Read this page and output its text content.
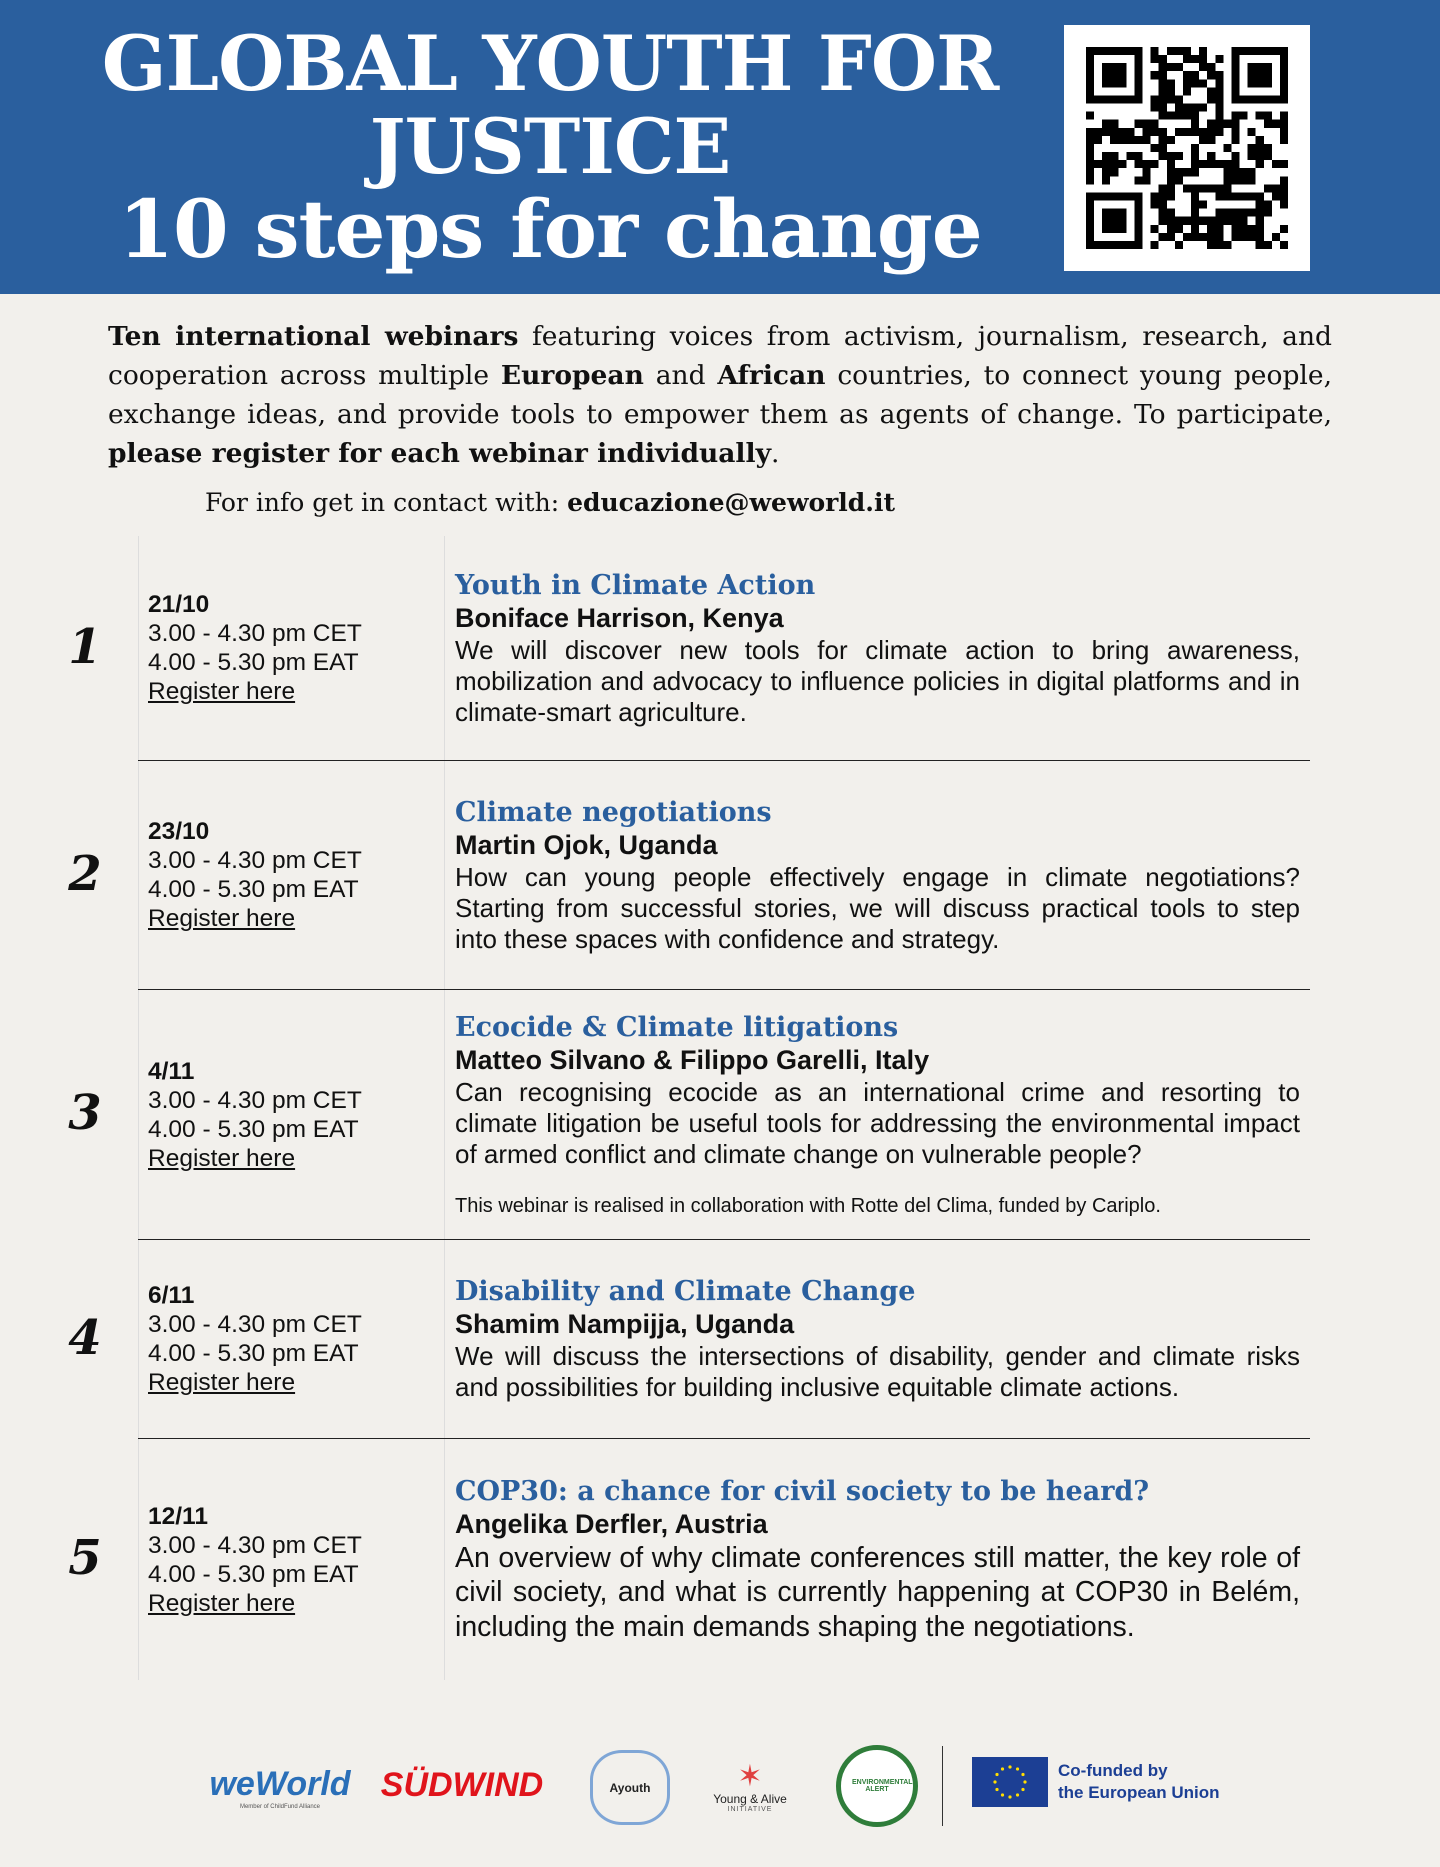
GLOBAL YOUTH FOR
JUSTICE
10 steps for change
Ten international webinars featuring voices from activism, journalism, research, and cooperation across multiple European and African countries, to connect young people, exchange ideas, and provide tools to empower them as agents of change. To participate, please register for each webinar individually.
For info get in contact with: educazione@weworld.it
1
21/10
3.00 - 4.30 pm CET
4.00 - 5.30 pm EAT
Register here
Youth in Climate Action
Boniface Harrison, Kenya
We will discover new tools for climate action to bring awareness, mobilization and advocacy to influence policies in digital platforms and in climate-smart agriculture.
2
23/10
3.00 - 4.30 pm CET
4.00 - 5.30 pm EAT
Register here
Climate negotiations
Martin Ojok, Uganda
How can young people effectively engage in climate negotiations? Starting from successful stories, we will discuss practical tools to step into these spaces with confidence and strategy.
3
4/11
3.00 - 4.30 pm CET
4.00 - 5.30 pm EAT
Register here
Ecocide & Climate litigations
Matteo Silvano & Filippo Garelli, Italy
Can recognising ecocide as an international crime and resorting to climate litigation be useful tools for addressing the environmental impact of armed conflict and climate change on vulnerable people?
This webinar is realised in collaboration with Rotte del Clima, funded by Cariplo.
4
6/11
3.00 - 4.30 pm CET
4.00 - 5.30 pm EAT
Register here
Disability and Climate Change
Shamim Nampijja, Uganda
We will discuss the intersections of disability, gender and climate risks and possibilities for building inclusive equitable climate actions.
5
12/11
3.00 - 4.30 pm CET
4.00 - 5.30 pm EAT
Register here
COP30: a chance for civil society to be heard?
Angelika Derfler, Austria
An overview of why climate conferences still matter, the key role of civil society, and what is currently happening at COP30 in Belém, including the main demands shaping the negotiations.
weWorld
Member of ChildFund Alliance
SÜDWIND	Ayouth	✶
Young & Alive
INITIATIVE
ENVIRONMENTAL ALERT
Co-funded by
the European Union
